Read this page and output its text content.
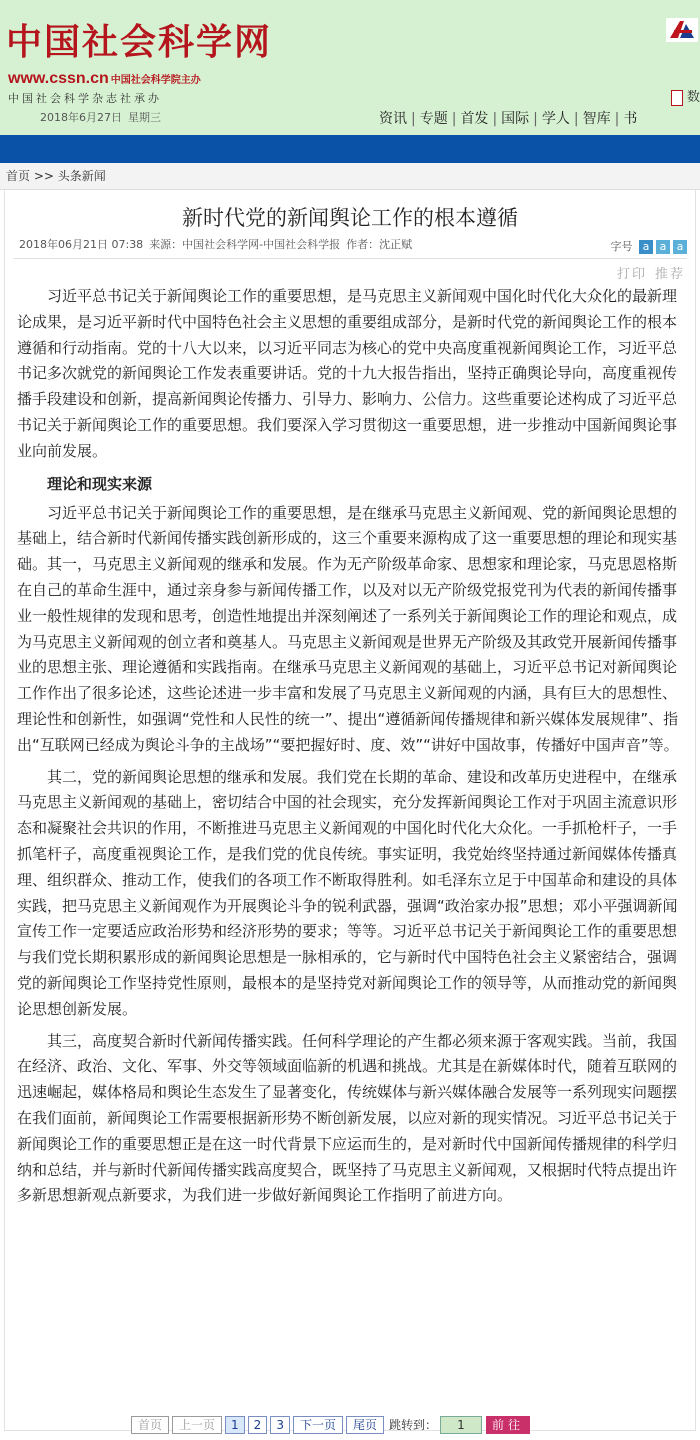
中国社会科学网
www.cssn.cn 中国社会科学院主办
中国社会科学杂志社承办
2018年6月27日 星期三
数
资讯 | 专题 | 首发 | 国际 | 学人 | 智库 | 书
首页 >> 头条新闻
新时代党的新闻舆论工作的根本遵循
2018年06月21日 07:38 来源：中国社会科学网-中国社会科学报 作者：沈正赋	字号 a a a
打印 推荐

习近平总书记关于新闻舆论工作的重要思想，是马克思主义新闻观中国化时代化大众化的最新理论成果，是习近平新时代中国特色社会主义思想的重要组成部分，是新时代党的新闻舆论工作的根本遵循和行动指南。党的十八大以来，以习近平同志为核心的党中央高度重视新闻舆论工作，习近平总书记多次就党的新闻舆论工作发表重要讲话。党的十九大报告指出，坚持正确舆论导向，高度重视传播手段建设和创新，提高新闻舆论传播力、引导力、影响力、公信力。这些重要论述构成了习近平总书记关于新闻舆论工作的重要思想。我们要深入学习贯彻这一重要思想，进一步推动中国新闻舆论事业向前发展。

理论和现实来源

习近平总书记关于新闻舆论工作的重要思想，是在继承马克思主义新闻观、党的新闻舆论思想的基础上，结合新时代新闻传播实践创新形成的，这三个重要来源构成了这一重要思想的理论和现实基础。其一，马克思主义新闻观的继承和发展。作为无产阶级革命家、思想家和理论家，马克思恩格斯在自己的革命生涯中，通过亲身参与新闻传播工作，以及对以无产阶级党报党刊为代表的新闻传播事业一般性规律的发现和思考，创造性地提出并深刻阐述了一系列关于新闻舆论工作的理论和观点，成为马克思主义新闻观的创立者和奠基人。马克思主义新闻观是世界无产阶级及其政党开展新闻传播事业的思想主张、理论遵循和实践指南。在继承马克思主义新闻观的基础上，习近平总书记对新闻舆论工作作出了很多论述，这些论述进一步丰富和发展了马克思主义新闻观的内涵，具有巨大的思想性、理论性和创新性，如强调“党性和人民性的统一”、提出“遵循新闻传播规律和新兴媒体发展规律”、指出“互联网已经成为舆论斗争的主战场”“要把握好时、度、效”“讲好中国故事，传播好中国声音”等。

其二，党的新闻舆论思想的继承和发展。我们党在长期的革命、建设和改革历史进程中，在继承马克思主义新闻观的基础上，密切结合中国的社会现实，充分发挥新闻舆论工作对于巩固主流意识形态和凝聚社会共识的作用，不断推进马克思主义新闻观的中国化时代化大众化。一手抓枪杆子，一手抓笔杆子，高度重视舆论工作，是我们党的优良传统。事实证明，我党始终坚持通过新闻媒体传播真理、组织群众、推动工作，使我们的各项工作不断取得胜利。如毛泽东立足于中国革命和建设的具体实践，把马克思主义新闻观作为开展舆论斗争的锐利武器，强调“政治家办报”思想；邓小平强调新闻宣传工作一定要适应政治形势和经济形势的要求；等等。习近平总书记关于新闻舆论工作的重要思想与我们党长期积累形成的新闻舆论思想是一脉相承的，它与新时代中国特色社会主义紧密结合，强调党的新闻舆论工作坚持党性原则，最根本的是坚持党对新闻舆论工作的领导等，从而推动党的新闻舆论思想创新发展。

其三，高度契合新时代新闻传播实践。任何科学理论的产生都必须来源于客观实践。当前，我国在经济、政治、文化、军事、外交等领域面临新的机遇和挑战。尤其是在新媒体时代，随着互联网的迅速崛起，媒体格局和舆论生态发生了显著变化，传统媒体与新兴媒体融合发展等一系列现实问题摆在我们面前，新闻舆论工作需要根据新形势不断创新发展，以应对新的现实情况。习近平总书记关于新闻舆论工作的重要思想正是在这一时代背景下应运而生的，是对新时代中国新闻传播规律的科学归纳和总结，并与新时代新闻传播实践高度契合，既坚持了马克思主义新闻观，又根据时代特点提出许多新思想新观点新要求，为我们进一步做好新闻舆论工作指明了前进方向。

首页 上一页 1 2 3 下一页 尾页 跳转到： 1 前往
